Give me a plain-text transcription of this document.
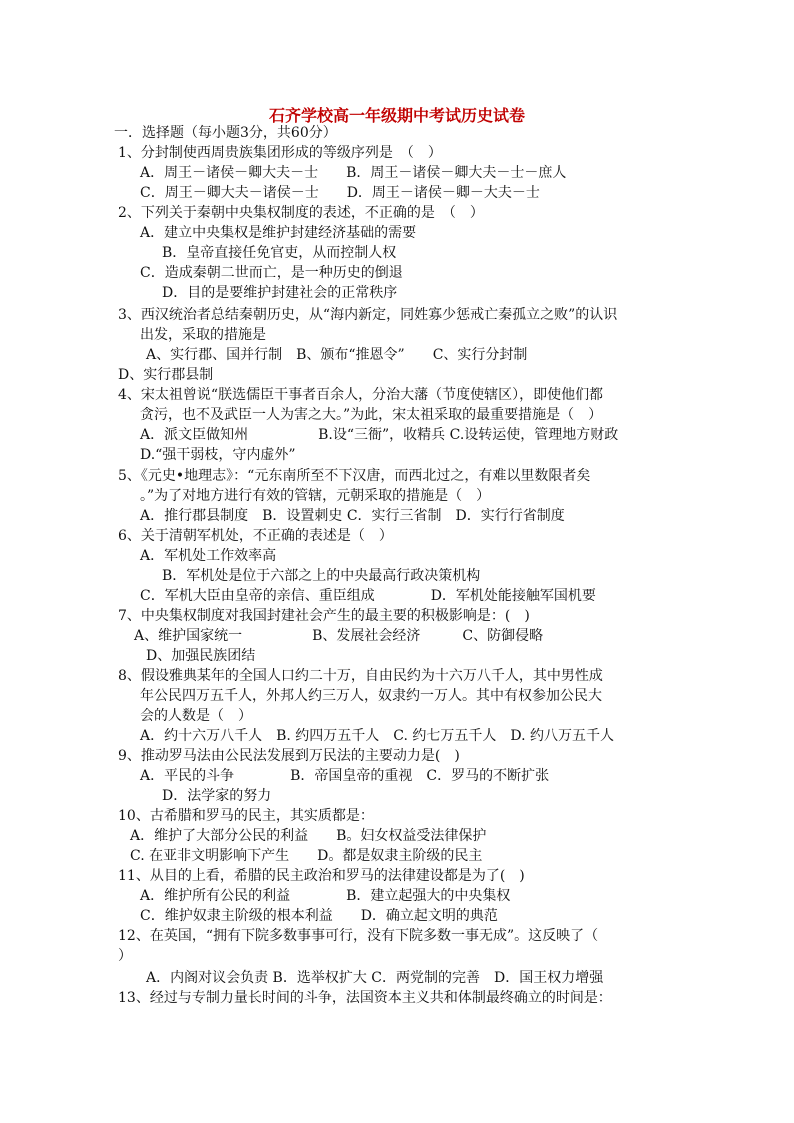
石齐学校高一年级期中考试历史试卷
一．选择题（每小题3分，共60分）
1、分封制使西周贵族集团形成的等级序列是　（　）
A．周王－诸侯－卿大夫－士　　B．周王－诸侯－卿大夫－士－庶人
C．周王－卿大夫－诸侯－士　　D．周王－诸侯－卿－大夫－士
2、下列关于秦朝中央集权制度的表述，不正确的是　（　）
A．建立中央集权是维护封建经济基础的需要
B．皇帝直接任免官吏，从而控制人权
C．造成秦朝二世而亡，是一种历史的倒退
D．目的是要维护封建社会的正常秩序
3、西汉统治者总结秦朝历史，从“海内新定，同姓寡少惩戒亡秦孤立之败”的认识
出发，采取的措施是
A、实行郡、国并行制　B、颁布“推恩令”　　C、实行分封制
D、实行郡县制
4、宋太祖曾说“朕选儒臣干事者百余人，分治大藩（节度使辖区），即使他们都
贪污，也不及武臣一人为害之大。”为此，宋太祖采取的最重要措施是（　）
A．派文臣做知州　　　　　B.设“三衙”，收精兵 C.设转运使，管理地方财政
D.“强干弱枝，守内虚外”
5、《元史•地理志》：“元东南所至不下汉唐，而西北过之，有难以里数限者矣
。”为了对地方进行有效的管辖，元朝采取的措施是（　）
A．推行郡县制度　B．设置刺史 C．实行三省制　D．实行行省制度
6、关于清朝军机处，不正确的表述是（　）
A．军机处工作效率高
B．军机处是位于六部之上的中央最高行政决策机构
C．军机大臣由皇帝的亲信、重臣组成　　　　D．军机处能接触军国机要
7、中央集权制度对我国封建社会产生的最主要的积极影响是：(　)
A、维护国家统一　　　　　B、发展社会经济　　　C、防御侵略
D、加强民族团结
8、假设雅典某年的全国人口约二十万，自由民约为十六万八千人，其中男性成
年公民四万五千人，外邦人约三万人，奴隶约一万人。其中有权参加公民大
会的人数是（　）
A．约十六万八千人　B. 约四万五千人　C. 约七万五千人　D. 约八万五千人
9、推动罗马法由公民法发展到万民法的主要动力是(　)
A．平民的斗争　　　　B．帝国皇帝的重视　C．罗马的不断扩张
D．法学家的努力
10、古希腊和罗马的民主，其实质都是：
A．维护了大部分公民的利益　　B。妇女权益受法律保护
C. 在亚非文明影响下产生　　D。都是奴隶主阶级的民主
11、从目的上看，希腊的民主政治和罗马的法律建设都是为了(　)
A．维护所有公民的利益　　　　B．建立起强大的中央集权
C．维护奴隶主阶级的根本利益　　D．确立起文明的典范
12、在英国，“拥有下院多数事事可行，没有下院多数一事无成”。这反映了（
）
A．内阁对议会负责 B．选举权扩大 C．两党制的完善　D．国王权力增强
13、经过与专制力量长时间的斗争，法国资本主义共和体制最终确立的时间是：
